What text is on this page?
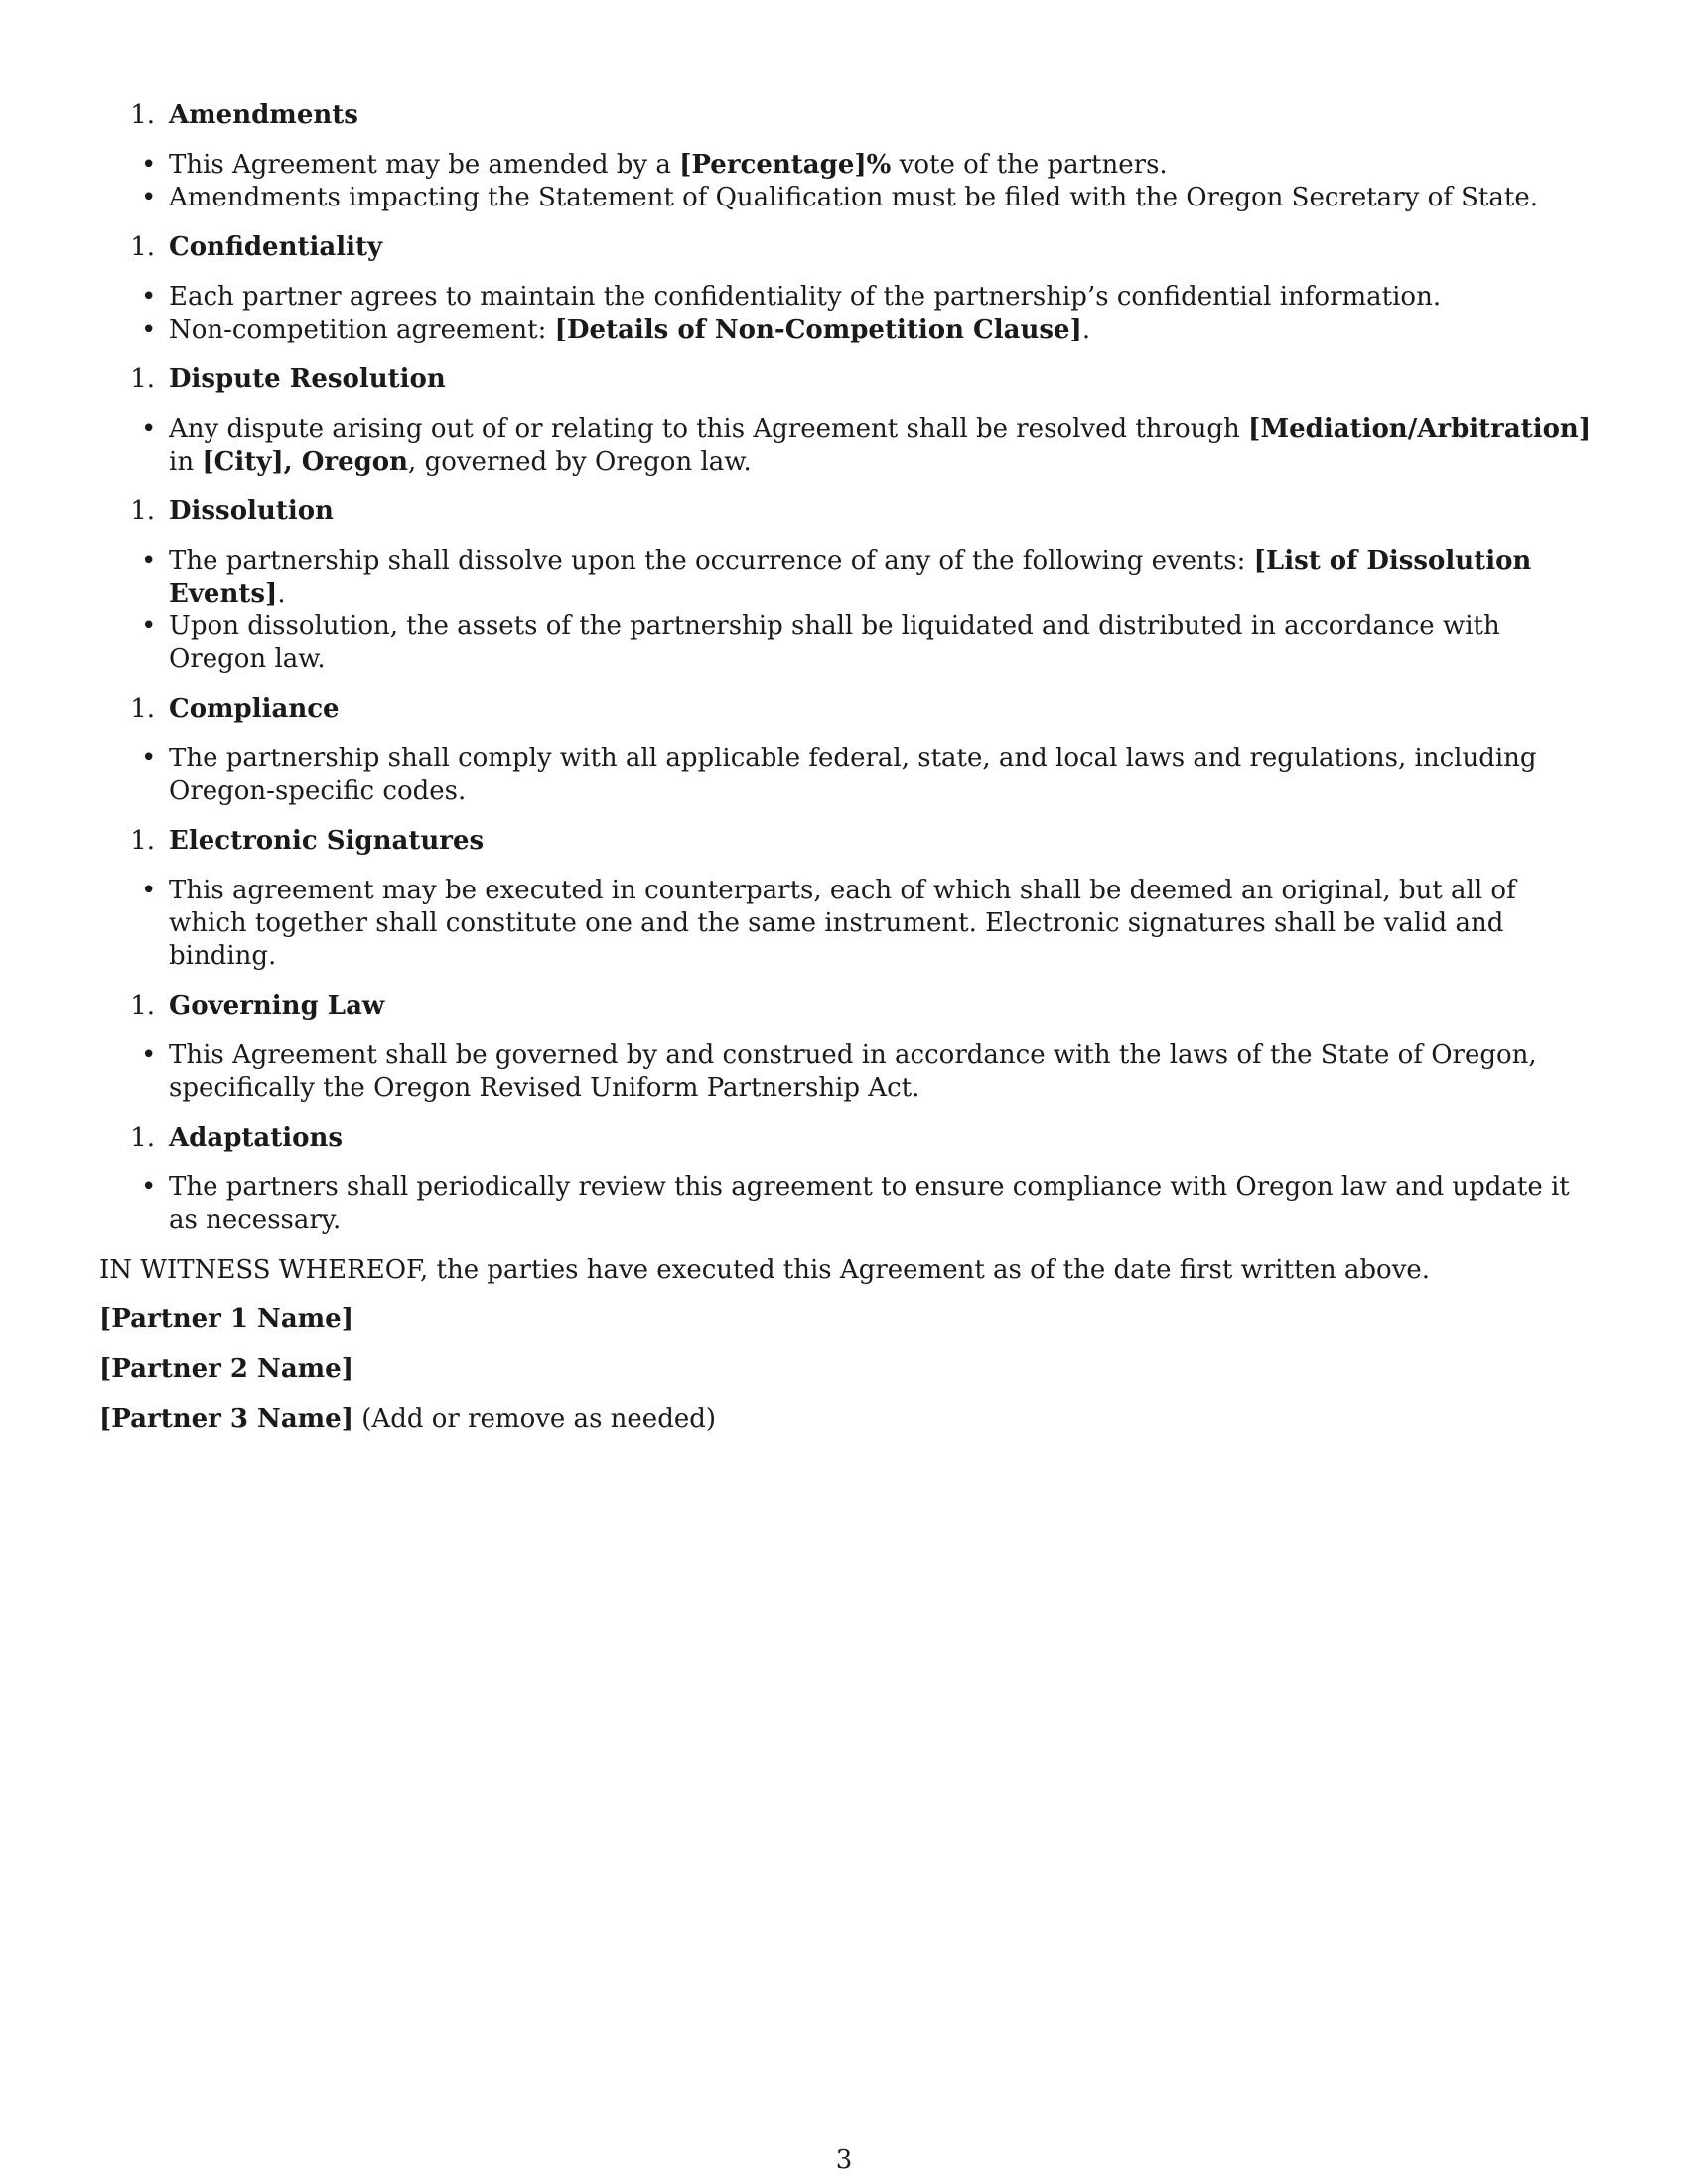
1. Amendments
• This Agreement may be amended by a [Percentage]% vote of the partners.
• Amendments impacting the Statement of Qualification must be filed with the Oregon Secretary of State.
1. Confidentiality
• Each partner agrees to maintain the confidentiality of the partnership’s confidential information.
• Non-competition agreement: [Details of Non-Competition Clause].
1. Dispute Resolution
• Any dispute arising out of or relating to this Agreement shall be resolved through [Mediation/Arbitration] in [City], Oregon, governed by Oregon law.
1. Dissolution
• The partnership shall dissolve upon the occurrence of any of the following events: [List of Dissolution Events].
• Upon dissolution, the assets of the partnership shall be liquidated and distributed in accordance with Oregon law.
1. Compliance
• The partnership shall comply with all applicable federal, state, and local laws and regulations, including Oregon-specific codes.
1. Electronic Signatures
• This agreement may be executed in counterparts, each of which shall be deemed an original, but all of which together shall constitute one and the same instrument. Electronic signatures shall be valid and binding.
1. Governing Law
• This Agreement shall be governed by and construed in accordance with the laws of the State of Oregon, specifically the Oregon Revised Uniform Partnership Act.
1. Adaptations
• The partners shall periodically review this agreement to ensure compliance with Oregon law and update it as necessary.

IN WITNESS WHEREOF, the parties have executed this Agreement as of the date first written above.

[Partner 1 Name]
[Partner 2 Name]
[Partner 3 Name] (Add or remove as needed)
3
